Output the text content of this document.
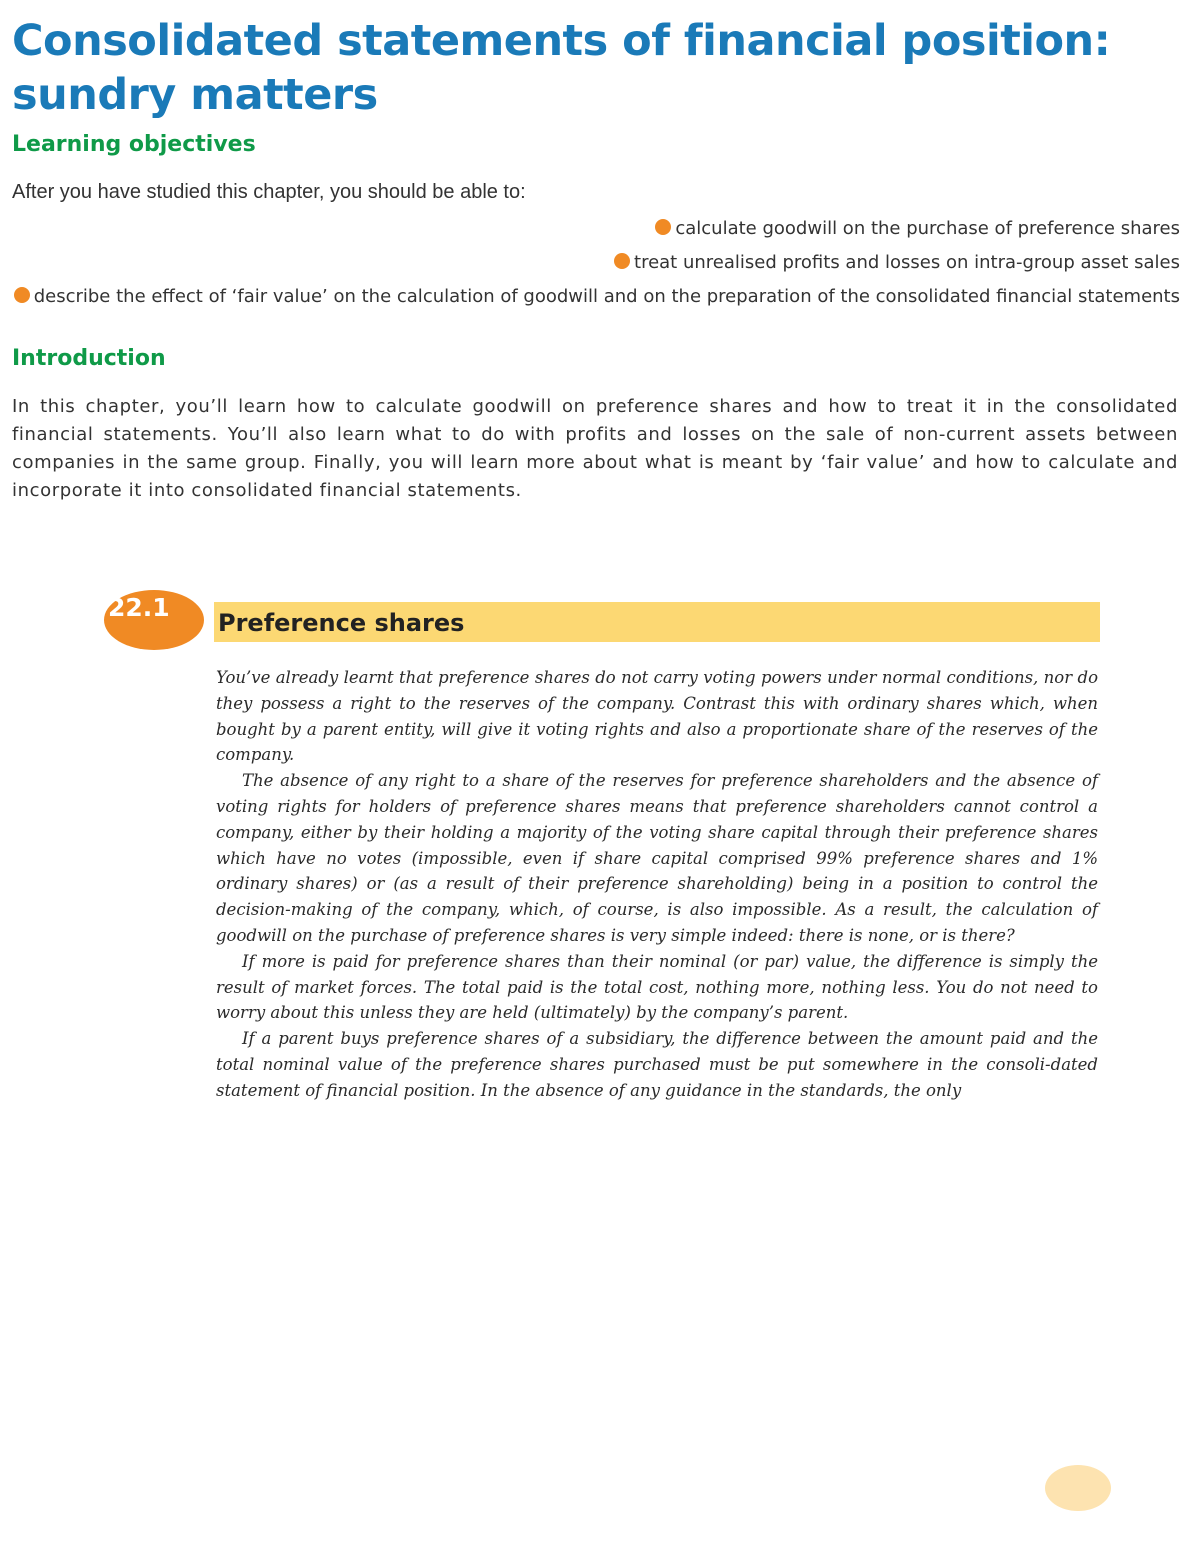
Consolidated statements of financial position: sundry matters
Learning objectives

After you have studied this chapter, you should be able to:

calculate goodwill on the purchase of preference shares
treat unrealised profits and losses on intra-group asset sales
describe the effect of ‘fair value’ on the calculation of goodwill and on the preparation of the consolidated financial statements
Introduction

In this chapter, you’ll learn how to calculate goodwill on preference shares and how to treat it in the consolidated financial statements. You’ll also learn what to do with profits and losses on the sale of non-current assets between companies in the same group. Finally, you will learn more about what is meant by ‘fair value’ and how to calculate and incorporate it into consolidated financial statements.

22.1
Preference shares

You’ve already learnt that preference shares do not carry voting powers under normal conditions, nor do they possess a right to the reserves of the company. Contrast this with ordinary shares which, when bought by a parent entity, will give it voting rights and also a proportionate share of the reserves of the company.

The absence of any right to a share of the reserves for preference shareholders and the absence of voting rights for holders of preference shares means that preference shareholders cannot control a company, either by their holding a majority of the voting share capital through their preference shares which have no votes (impossible, even if share capital comprised 99% preference shares and 1% ordinary shares) or (as a result of their preference shareholding) being in a position to control the decision-making of the company, which, of course, is also impossible. As a result, the calculation of goodwill on the purchase of preference shares is very simple indeed: there is none, or is there?

If more is paid for preference shares than their nominal (or par) value, the difference is simply the result of market forces. The total paid is the total cost, nothing more, nothing less. You do not need to worry about this unless they are held (ultimately) by the company’s parent.

If a parent buys preference shares of a subsidiary, the difference between the amount paid and the total nominal value of the preference shares purchased must be put somewhere in the consoli-dated statement of financial position. In the absence of any guidance in the standards, the only
